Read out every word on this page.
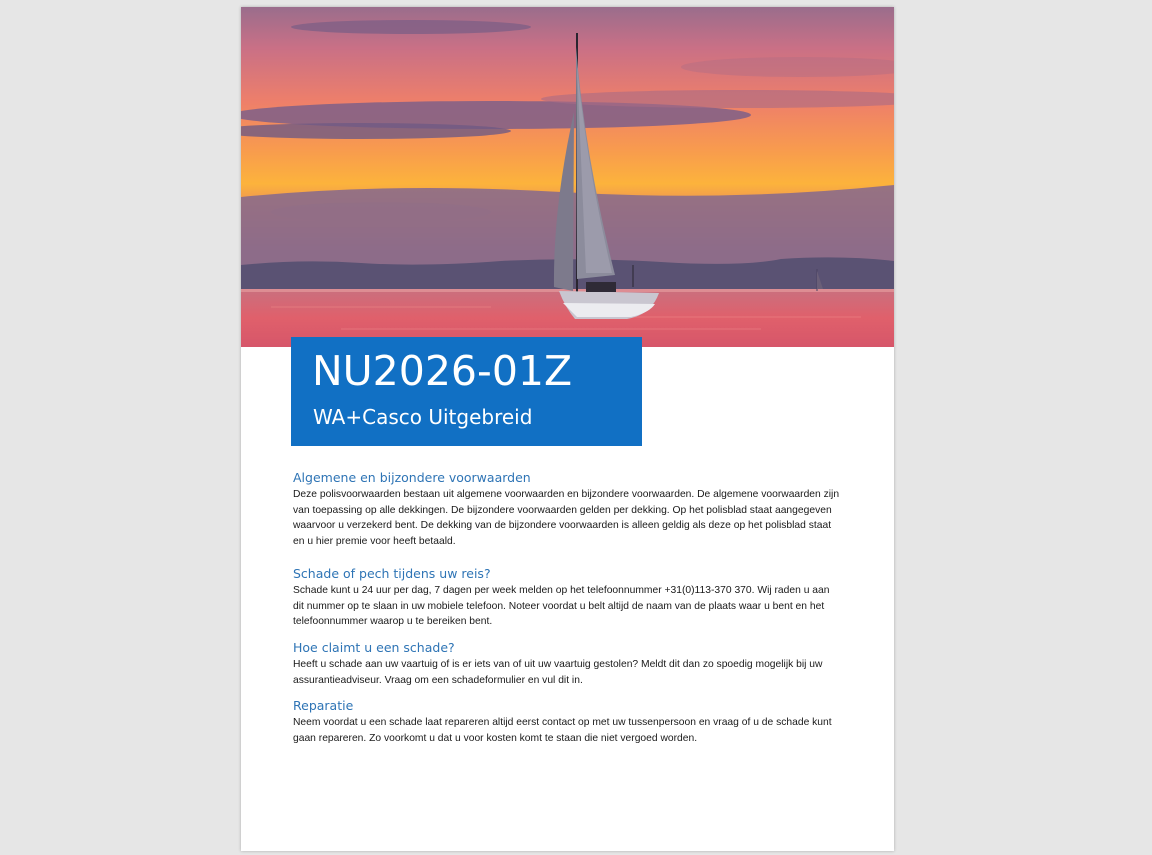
NU2026-01Z
WA+Casco Uitgebreid
Algemene en bijzondere voorwaarden

Deze polisvoorwaarden bestaan uit algemene voorwaarden en bijzondere voorwaarden. De algemene voorwaarden zijn van toepassing op alle dekkingen. De bijzondere voorwaarden gelden per dekking. Op het polisblad staat aangegeven waarvoor u verzekerd bent. De dekking van de bijzondere voorwaarden is alleen geldig als deze op het polisblad staat en u hier premie voor heeft betaald.

Schade of pech tijdens uw reis?

Schade kunt u 24 uur per dag, 7 dagen per week melden op het telefoonnummer +31(0)113-370 370. Wij raden u aan dit nummer op te slaan in uw mobiele telefoon. Noteer voordat u belt altijd de naam van de plaats waar u bent en het telefoonnummer waarop u te bereiken bent.

Hoe claimt u een schade?

Heeft u schade aan uw vaartuig of is er iets van of uit uw vaartuig gestolen? Meldt dit dan zo spoedig mogelijk bij uw assurantieadviseur. Vraag om een schadeformulier en vul dit in.

Reparatie

Neem voordat u een schade laat repareren altijd eerst contact op met uw tussenpersoon en vraag of u de schade kunt gaan repareren. Zo voorkomt u dat u voor kosten komt te staan die niet vergoed worden.
